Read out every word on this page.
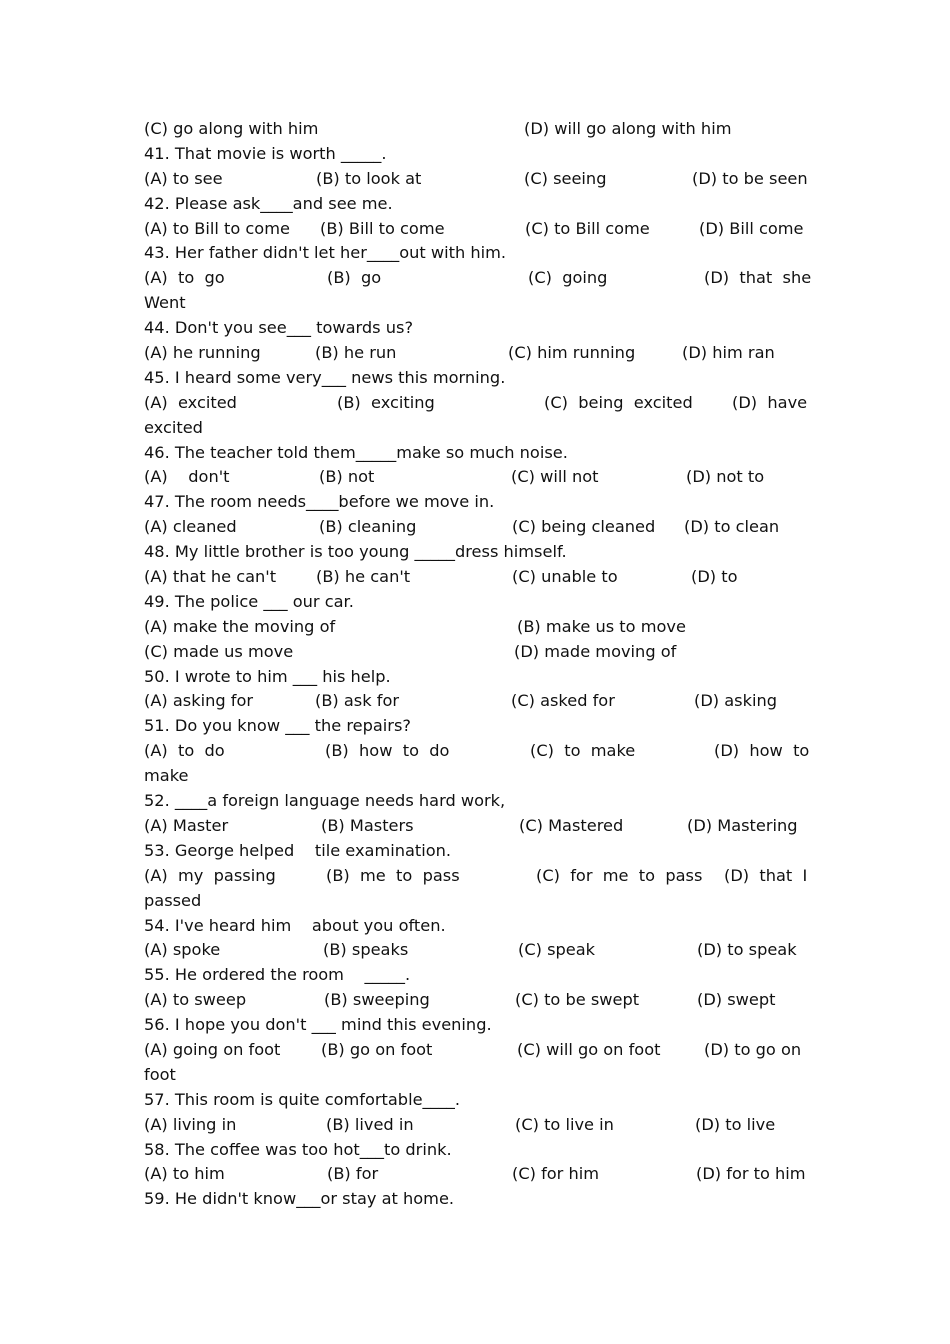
(C) go along with him	(D) will go along with him
41. That movie is worth _____.
(A) to see	(B) to look at	(C) seeing	(D) to be seen
42. Please ask____and see me.
(A) to Bill to come (B) Bill to come	(C) to Bill come	(D) Bill come
43. Her father didn't let her____out with him.
(A)  to  go	(B)  go	(C)  going	(D)  that  she
Went
44. Don't you see___ towards us?
(A) he running	(B) he run	(C) him running	(D) him ran
45. I heard some very___ news this morning.
(A)  excited	(B)  exciting	(C)  being  excited (D)  have
excited
46. The teacher told them_____make so much noise.
(A)    don't	(B) not	(C) will not	(D) not to
47. The room needs____before we move in.
(A) cleaned	(B) cleaning	(C) being cleaned (D) to clean
48. My little brother is too young _____dress himself.
(A) that he can't (B) he can't	(C) unable to	(D) to
49. The police ___ our car.
(A) make the moving of	(B) make us to move
(C) made us move	(D) made moving of
50. I wrote to him ___ his help.
(A) asking for	(B) ask for	(C) asked for	(D) asking
51. Do you know ___ the repairs?
(A)  to  do	(B)  how  to  do	(C)  to  make	(D)  how  to
make
52. ____a foreign language needs hard work,
(A) Master	(B) Masters	(C) Mastered	(D) Mastering
53. George helped    tile examination.
(A)  my  passing	(B)  me  to  pass	(C)  for  me  to  pass (D)  that  I
passed
54. I've heard him    about you often.
(A) spoke	(B) speaks	(C) speak	(D) to speak
55. He ordered the room    _____.
(A) to sweep	(B) sweeping	(C) to be swept	(D) swept
56. I hope you don't ___ mind this evening.
(A) going on foot	(B) go on foot	(C) will go on foot	(D) to go on
foot
57. This room is quite comfortable____.
(A) living in	(B) lived in	(C) to live in	(D) to live
58. The coffee was too hot___to drink.
(A) to him	(B) for	(C) for him	(D) for to him
59. He didn't know___or stay at home.
